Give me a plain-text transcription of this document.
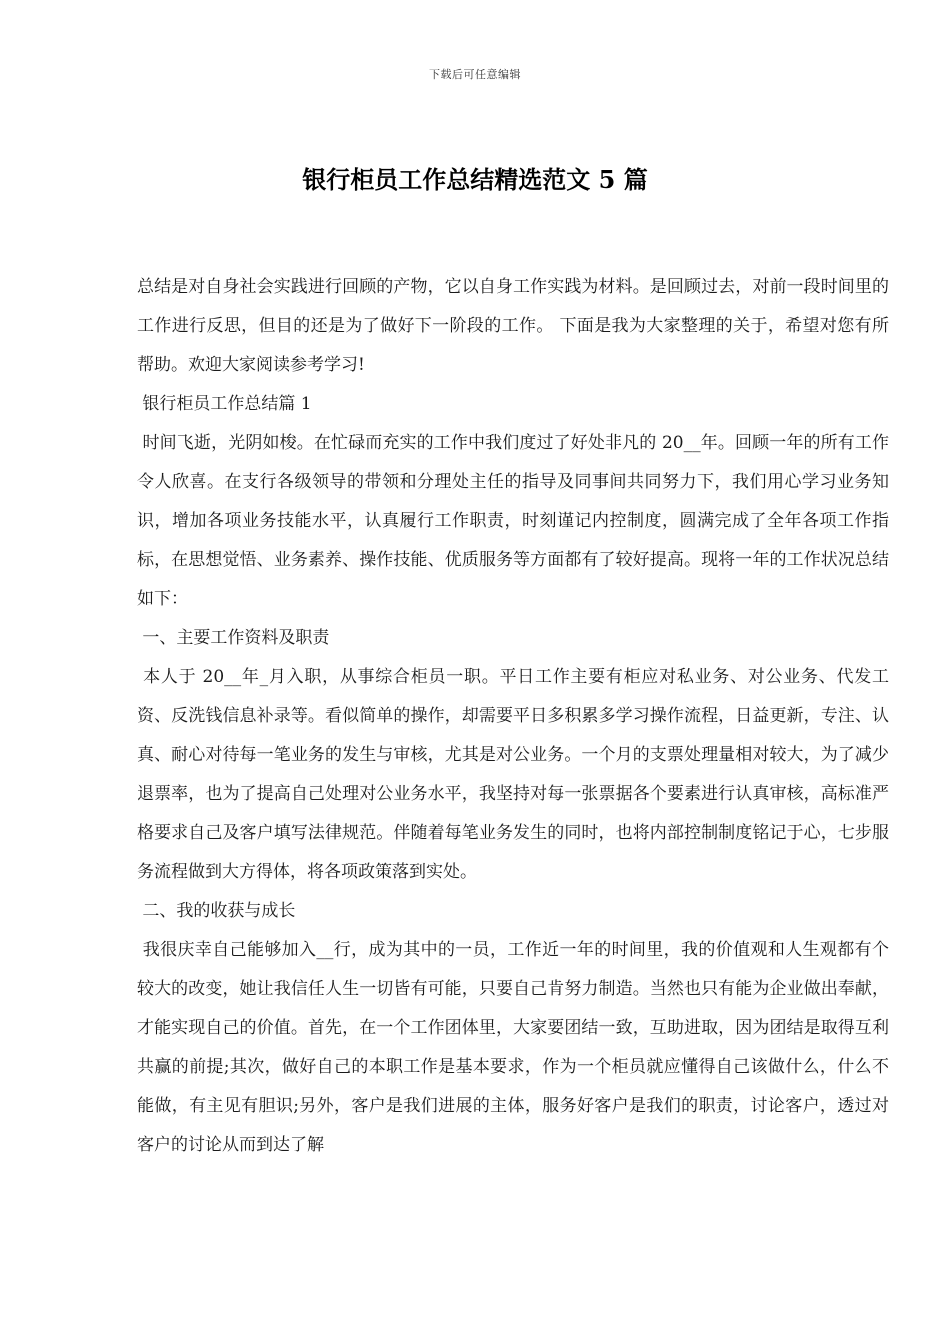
下载后可任意编辑
银行柜员工作总结精选范文 5 篇

总结是对自身社会实践进行回顾的产物，它以自身工作实践为材料。是回顾过去，对前一段时间里的工作进行反思，但目的还是为了做好下一阶段的工作。 下面是我为大家整理的关于，希望对您有所帮助。欢迎大家阅读参考学习!

银行柜员工作总结篇 1

时间飞逝，光阴如梭。在忙碌而充实的工作中我们度过了好处非凡的 20__年。回顾一年的所有工作令人欣喜。在支行各级领导的带领和分理处主任的指导及同事间共同努力下，我们用心学习业务知识，增加各项业务技能水平，认真履行工作职责，时刻谨记内控制度，圆满完成了全年各项工作指标，在思想觉悟、业务素养、操作技能、优质服务等方面都有了较好提高。现将一年的工作状况总结如下：

一、主要工作资料及职责

本人于 20__年_月入职，从事综合柜员一职。平日工作主要有柜应对私业务、对公业务、代发工资、反洗钱信息补录等。看似简单的操作，却需要平日多积累多学习操作流程，日益更新，专注、认真、耐心对待每一笔业务的发生与审核，尤其是对公业务。一个月的支票处理量相对较大，为了减少退票率，也为了提高自己处理对公业务水平，我坚持对每一张票据各个要素进行认真审核，高标准严格要求自己及客户填写法律规范。伴随着每笔业务发生的同时，也将内部控制制度铭记于心，七步服务流程做到大方得体，将各项政策落到实处。

二、我的收获与成长

我很庆幸自己能够加入__行，成为其中的一员，工作近一年的时间里，我的价值观和人生观都有个较大的改变，她让我信任人生一切皆有可能，只要自己肯努力制造。当然也只有能为企业做出奉献，才能实现自己的价值。首先，在一个工作团体里，大家要团结一致，互助进取，因为团结是取得互利共赢的前提;其次，做好自己的本职工作是基本要求，作为一个柜员就应懂得自己该做什么，什么不能做，有主见有胆识;另外，客户是我们进展的主体，服务好客户是我们的职责，讨论客户，透过对客户的讨论从而到达了解
